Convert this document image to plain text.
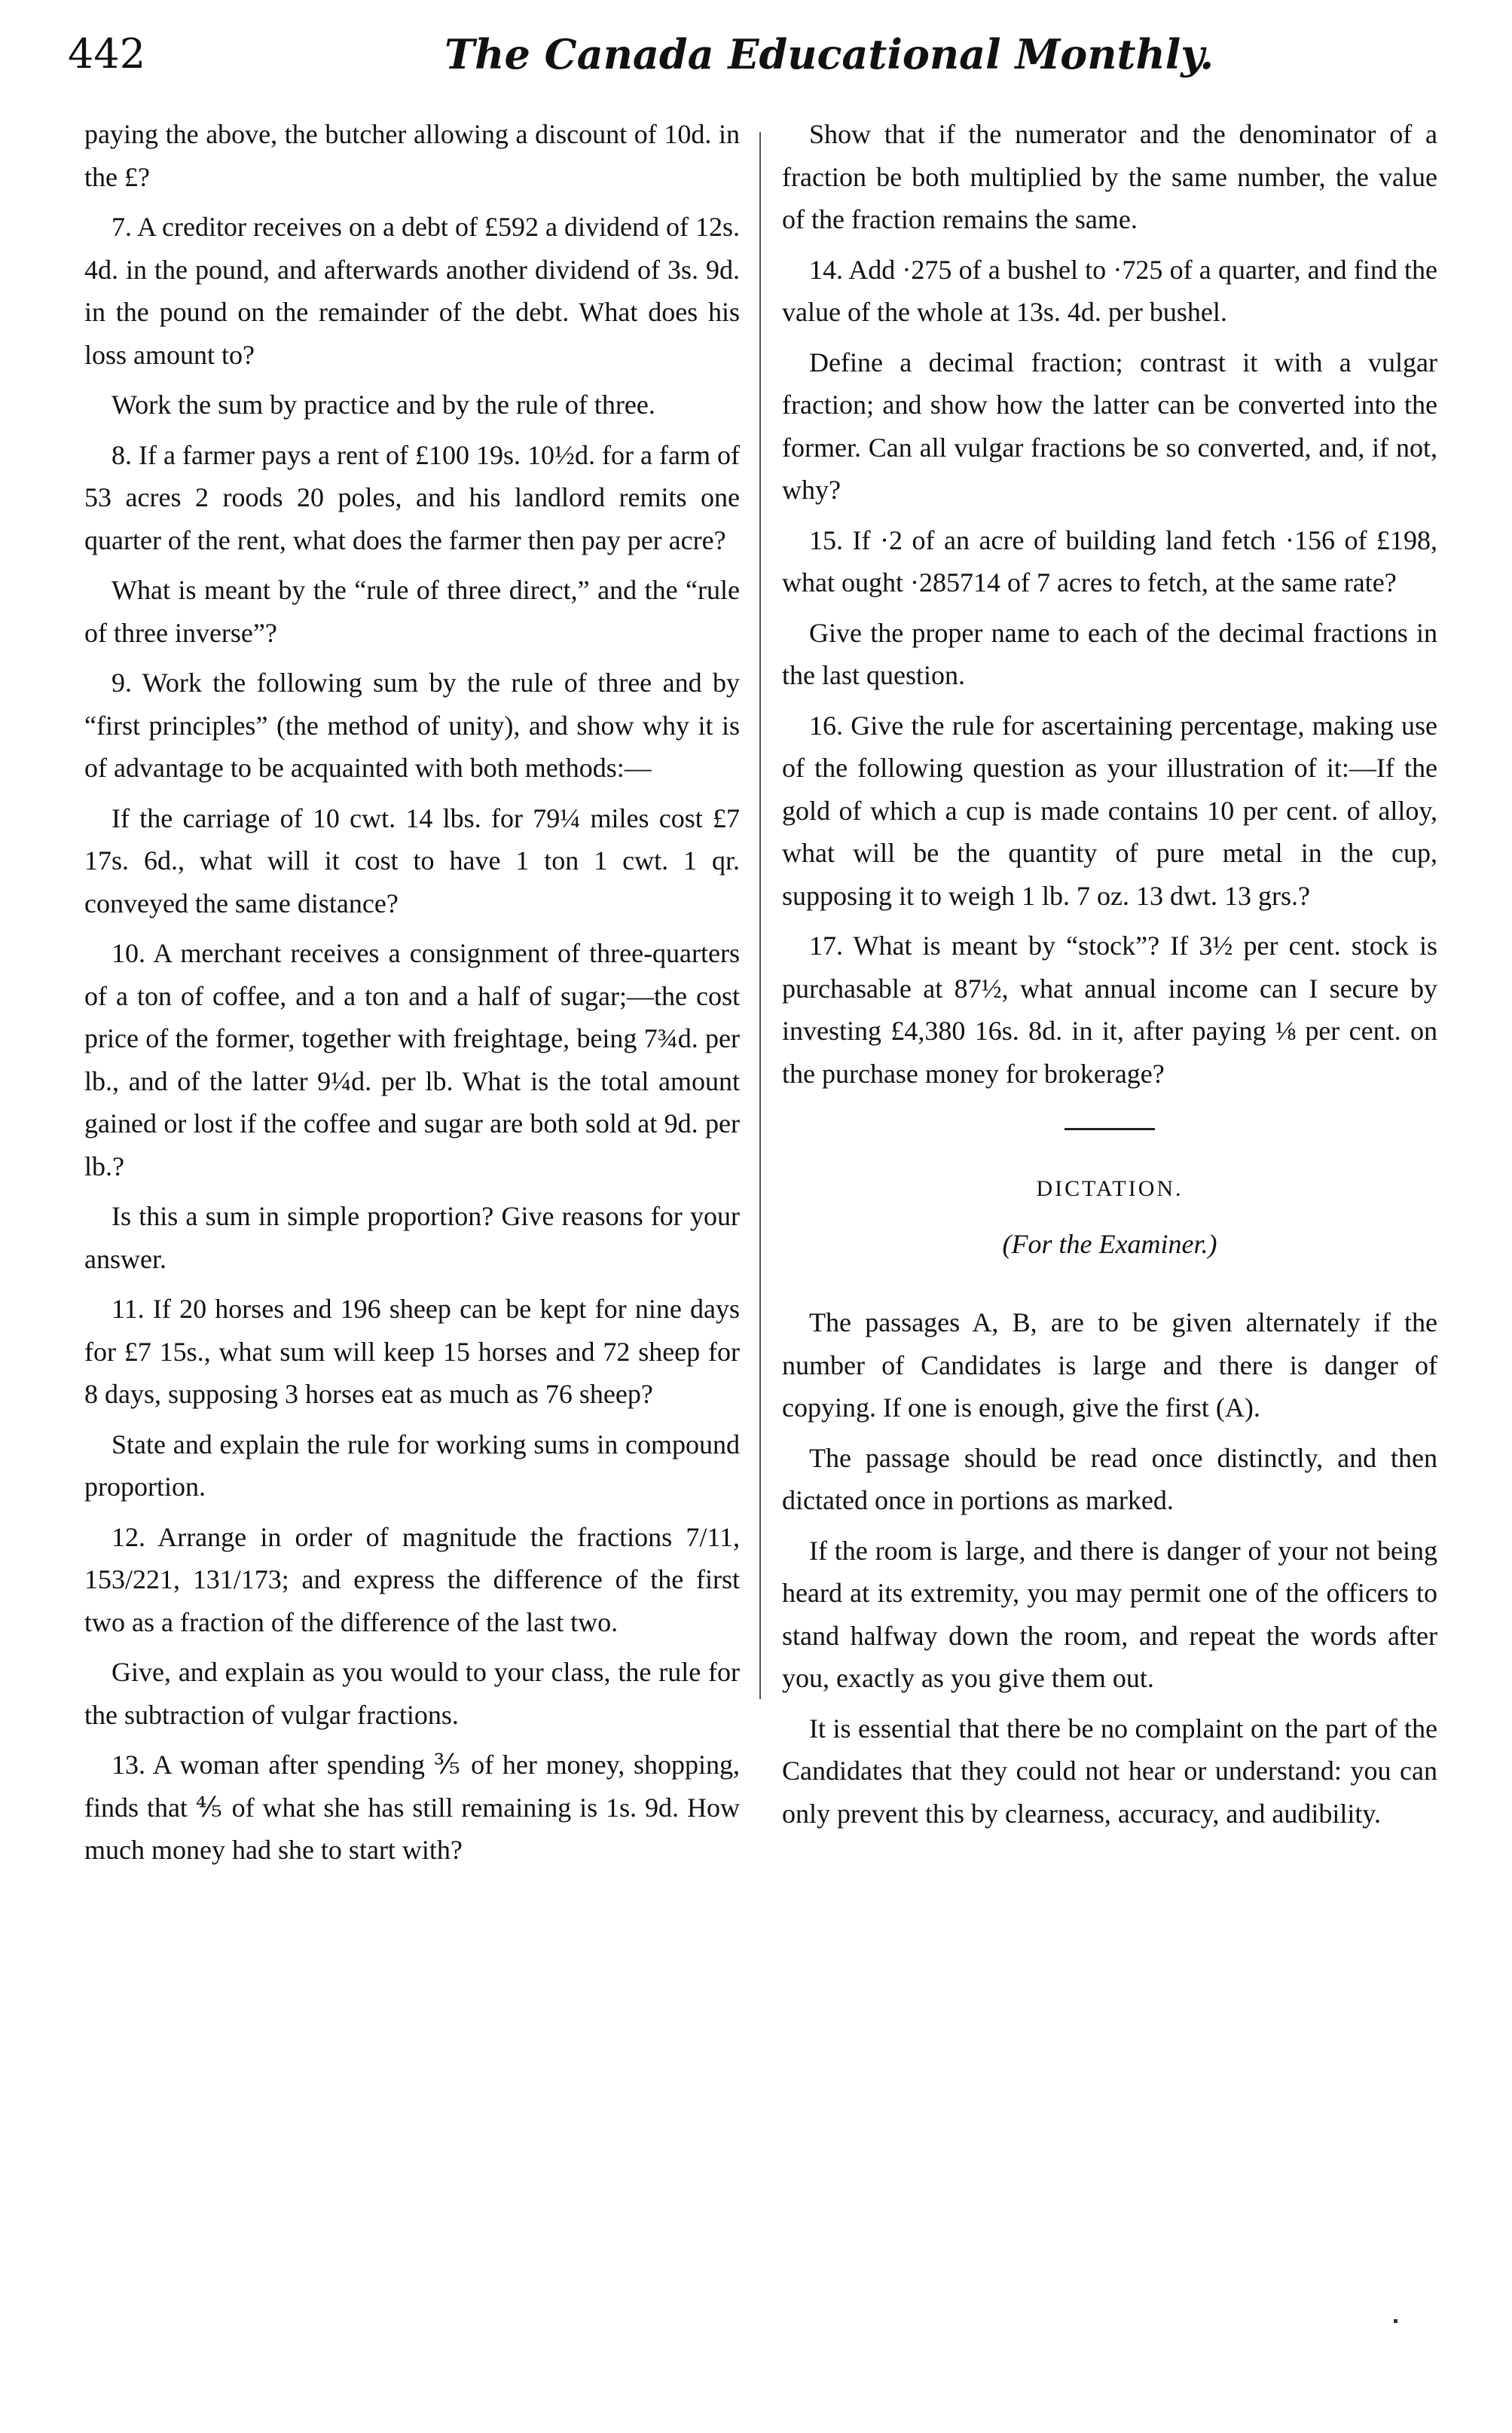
442	The Canada Educational Monthly.

paying the above, the butcher allowing a discount of 10d. in the £?

7. A creditor receives on a debt of £592 a dividend of 12s. 4d. in the pound, and afterwards another dividend of 3s. 9d. in the pound on the remainder of the debt. What does his loss amount to?

Work the sum by practice and by the rule of three.

8. If a farmer pays a rent of £100 19s. 10½d. for a farm of 53 acres 2 roods 20 poles, and his landlord remits one quarter of the rent, what does the farmer then pay per acre?

What is meant by the “rule of three direct,” and the “rule of three inverse”?

9. Work the following sum by the rule of three and by “first principles” (the method of unity), and show why it is of advantage to be acquainted with both methods:—

If the carriage of 10 cwt. 14 lbs. for 79¼ miles cost £7 17s. 6d., what will it cost to have 1 ton 1 cwt. 1 qr. conveyed the same distance?

10. A merchant receives a consignment of three-quarters of a ton of coffee, and a ton and a half of sugar;—the cost price of the former, together with freightage, being 7¾d. per lb., and of the latter 9¼d. per lb. What is the total amount gained or lost if the coffee and sugar are both sold at 9d. per lb.?

Is this a sum in simple proportion? Give reasons for your answer.

11. If 20 horses and 196 sheep can be kept for nine days for £7 15s., what sum will keep 15 horses and 72 sheep for 8 days, supposing 3 horses eat as much as 76 sheep?

State and explain the rule for working sums in compound proportion.

12. Arrange in order of magnitude the fractions 7/11, 153/221, 131/173; and express the difference of the first two as a fraction of the difference of the last two.

Give, and explain as you would to your class, the rule for the subtraction of vulgar fractions.

13. A woman after spending ⅗ of her money, shopping, finds that ⅘ of what she has still remaining is 1s. 9d. How much money had she to start with?

Show that if the numerator and the denominator of a fraction be both multiplied by the same number, the value of the fraction remains the same.

14. Add ·275 of a bushel to ·725 of a quarter, and find the value of the whole at 13s. 4d. per bushel.

Define a decimal fraction; contrast it with a vulgar fraction; and show how the latter can be converted into the former. Can all vulgar fractions be so converted, and, if not, why?

15. If ·2 of an acre of building land fetch ·156 of £198, what ought ·285714 of 7 acres to fetch, at the same rate?

Give the proper name to each of the decimal fractions in the last question.

16. Give the rule for ascertaining percentage, making use of the following question as your illustration of it:—If the gold of which a cup is made contains 10 per cent. of alloy, what will be the quantity of pure metal in the cup, supposing it to weigh 1 lb. 7 oz. 13 dwt. 13 grs.?

17. What is meant by “stock”? If 3½ per cent. stock is purchasable at 87½, what annual income can I secure by investing £4,380 16s. 8d. in it, after paying ⅛ per cent. on the purchase money for brokerage?

DICTATION.

(For the Examiner.)

The passages A, B, are to be given alternately if the number of Candidates is large and there is danger of copying. If one is enough, give the first (A).

The passage should be read once distinctly, and then dictated once in portions as marked.

If the room is large, and there is danger of your not being heard at its extremity, you may permit one of the officers to stand halfway down the room, and repeat the words after you, exactly as you give them out.

It is essential that there be no complaint on the part of the Candidates that they could not hear or understand: you can only prevent this by clearness, accuracy, and audibility.
